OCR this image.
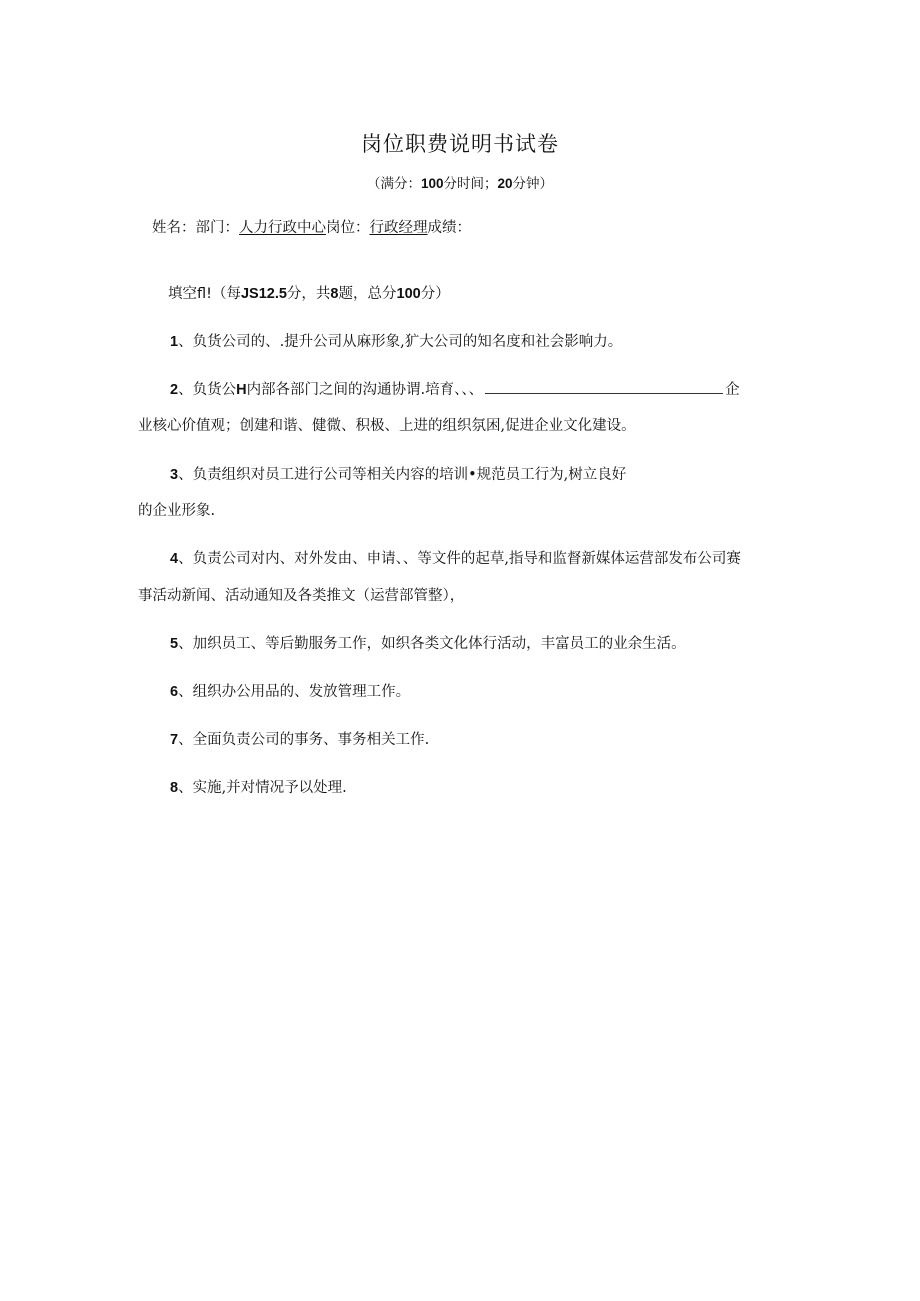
岗位职费说明书试卷
（满分：100分时间；20分钟）
姓名：部门：人力行政中心岗位：行政经理成绩：
填空fl!（每JS12.5分，共8题，总分100分）
1、负货公司的、.提升公司从麻形象,犷大公司的知名度和社会影响力。
2、负货公H内部各部门之间的沟通协谓.培育、、、	企
业核心价值观；创建和谐、健微、积极、上进的组织氛困,促进企业文化建设。
3、负责组织对员工进行公司等相关内容的培训•规范员工行为,树立良好
的企业形象.
4、负责公司对内、对外发由、申请、、等文件的起草,指导和监督新媒体运营部发布公司赛
事活动新闻、活动通知及各类推文（运营部管整），
5、加织员工、等后勤服务工作，如织各类文化体行活动，丰富员工的业余生活。
6、组织办公用品的、发放管理工作。
7、全面负责公司的事务、事务相关工作.
8、实施,并对情况予以处理.
